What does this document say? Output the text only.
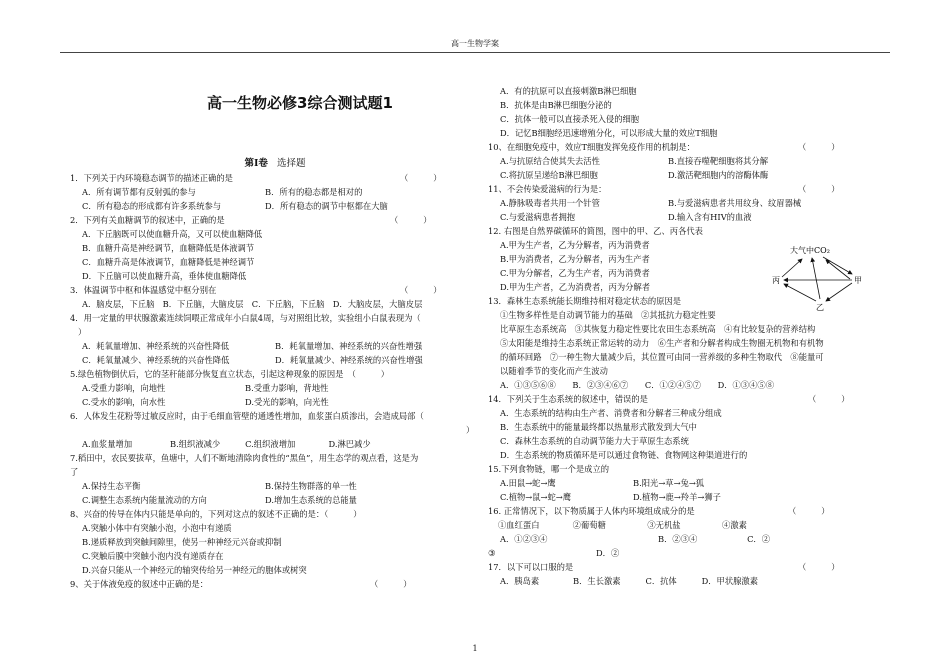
高一生物学案
高一生物必修3综合测试题1
第Ⅰ卷 选择题
1．下列关于内环境稳态调节的描述正确的是	（　　　）
A．所有调节都有反射弧的参与	B．所有的稳态都是相对的
C．所有稳态的形成都有许多系统参与	D．所有稳态的调节中枢都在大脑
2．下列有关血糖调节的叙述中，正确的是	（　　　）
A．下丘脑既可以使血糖升高，又可以使血糖降低
B．血糖升高是神经调节，血糖降低是体液调节
C．血糖升高是体液调节，血糖降低是神经调节
D．下丘脑可以使血糖升高，垂体使血糖降低
3．体温调节中枢和体温感觉中枢分别在	（　　　）
A．脑皮层，下丘脑　B．下丘脑，大脑皮层　C．下丘脑，下丘脑　D．大脑皮层，大脑皮层
4．用一定量的甲状腺激素连续饲喂正常成年小白鼠4周，与对照组比较，实验组小白鼠表现为（
）
A．耗氧量增加、神经系统的兴奋性降低	B．耗氧量增加、神经系统的兴奋性增强
C．耗氧量减少、神经系统的兴奋性降低	D．耗氧量减少、神经系统的兴奋性增强
5.绿色植物倒伏后，它的茎秆能部分恢复直立状态，引起这种现象的原因是　（　　　）
A.受重力影响，向地性	B.受重力影响，背地性
C.受水的影响，向水性	D.受光的影响，向光性
6．人体发生花粉等过敏反应时，由于毛细血管壁的通透性增加，血浆蛋白质渗出，会造成局部（
）
A.血浆量增加	B.组织液减少　　　C.组织液增加　　　　D.淋巴减少
7.稻田中，农民要拔草，鱼塘中，人们不断地清除肉食性的“黑鱼”，用生态学的观点看，这是为
了
A.保持生态平衡	B.保持生物群落的单一性
C.调整生态系统内能量流动的方向	D.增加生态系统的总能量
8、兴奋的传导在体内只能是单向的，下列对这点的叙述不正确的是：（　　　）
A.突触小体中有突触小泡，小泡中有递质
B.递质释放到突触间隙里，使另一种神经元兴奋或抑制
C.突触后膜中突触小泡内没有递质存在
D.兴奋只能从一个神经元的轴突传给另一神经元的胞体或树突
9、关于体液免疫的叙述中正确的是：	（　　　）
A．有的抗原可以直接刺激B淋巴细胞
B．抗体是由B淋巴细胞分泌的
C．抗体一般可以直接杀死入侵的细胞
D．记忆B细胞经迅速增殖分化，可以形成大量的效应T细胞
10、在细胞免疫中，效应T细胞发挥免疫作用的机制是：	（　　　）
A.与抗原结合使其失去活性	B.直接吞噬靶细胞将其分解
C.将抗原呈递给B淋巴细胞	D.激活靶细胞内的溶酶体酶
11、不会传染爱滋病的行为是：	（　　　）
A.静脉吸毒者共用一个针管	B.与爱滋病患者共用纹身、纹眉器械
C.与爱滋病患者拥抱	D.输入含有HIV的血液
12. 右图是自然界碳循环的简图，图中的甲、乙、丙各代表
A.甲为生产者，乙为分解者，丙为消费者
B.甲为消费者，乙为分解者，丙为生产者
C.甲为分解者，乙为生产者，丙为消费者
D.甲为生产者，乙为消费者，丙为分解者
13．森林生态系统能长期维持相对稳定状态的原因是
①生物多样性是自动调节能力的基础　②其抵抗力稳定性要
比草原生态系统高　③其恢复力稳定性要比农田生态系统高　④有比较复杂的营养结构
⑤太阳能是维持生态系统正常运转的动力　⑥生产者和分解者构成生物圈无机物和有机物
的循环回路　⑦一种生物大量减少后，其位置可由同一营养级的多种生物取代　⑧能量可
以随着季节的变化而产生波动
A．①③⑤⑥⑧　　B．②③④⑥⑦　　C．①②④⑤⑦　　D．①③④⑤⑧
14．下列关于生态系统的叙述中，错误的是	（　　　）
A．生态系统的结构由生产者、消费者和分解者三种成分组成
B．生态系统中的能量最终都以热量形式散发到大气中
C．森林生态系统的自动调节能力大于草原生态系统
D．生态系统的物质循环是可以通过食物链、食物网这种渠道进行的
15.下列食物链，哪一个是成立的
A.田鼠→蛇→鹰	B.阳光→草→兔→狐
C.植物→鼠→蛇→鹰	D.植物→鹿→羚羊→狮子
16. 正常情况下，以下物质属于人体内环境组成成分的是	（　　　）
①血红蛋白　　　　②葡萄糖　　　　　③无机盐　　　　　④激素
A．①②③④	B．②③④　　　　　　C．②
③	D．②
17．以下可以口服的是	（　　　）
A．胰岛素	B．生长激素　　　C．抗体　　　D．甲状腺激素
大气中CO₂
丙	甲
乙
1
